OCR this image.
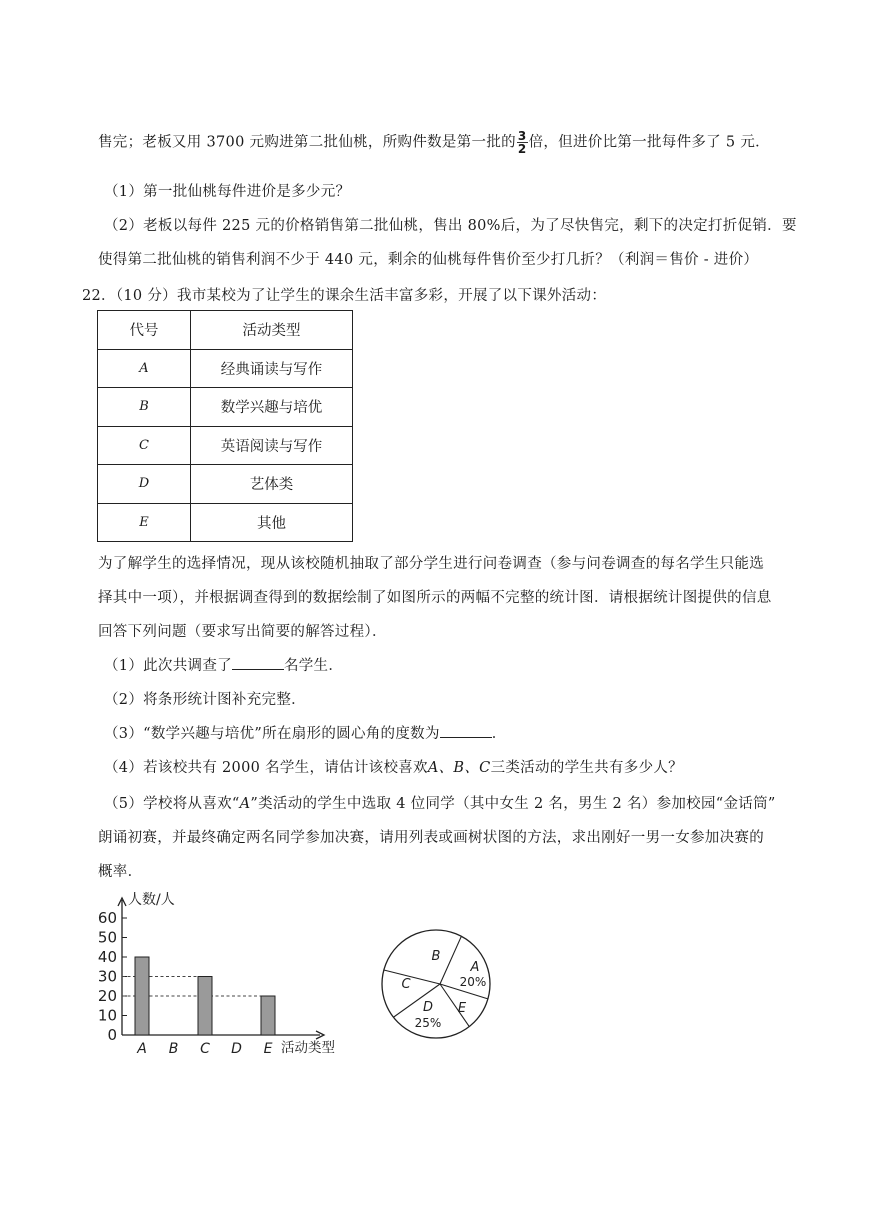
售完；老板又用 3700 元购进第二批仙桃，所购件数是第一批的 $\frac{3}{2}$ 倍，但进价比第一批每件多了 5 元．
（1）第一批仙桃每件进价是多少元？
（2）老板以每件 225 元的价格销售第二批仙桃，售出 80%后，为了尽快售完，剩下的决定打折促销．要
使得第二批仙桃的销售利润不少于 440 元，剩余的仙桃每件售价至少打几折？（利润＝售价 - 进价）
22．（10 分）我市某校为了让学生的课余生活丰富多彩，开展了以下课外活动：
代号	活动类型
A	经典诵读与写作
B	数学兴趣与培优
C	英语阅读与写作
D	艺体类
E	其他
为了解学生的选择情况，现从该校随机抽取了部分学生进行问卷调查（参与问卷调查的每名学生只能选
择其中一项），并根据调查得到的数据绘制了如图所示的两幅不完整的统计图．请根据统计图提供的信息
回答下列问题（要求写出简要的解答过程）．
（1）此次共调查了	名学生．
（2）将条形统计图补充完整．
（3）“数学兴趣与培优”所在扇形的圆心角的度数为	．
（4）若该校共有 2000 名学生，请估计该校喜欢A、B、C三类活动的学生共有多少人？
（5）学校将从喜欢“A”类活动的学生中选取 4 位同学（其中女生 2 名，男生 2 名）参加校园“金话筒”
朗诵初赛，并最终确定两名同学参加决赛，请用列表或画树状图的方法，求出刚好一男一女参加决赛的
概率．
0
10
20
30
40
50
60
人数/人
活动类型
A B C D E
A
B
C
D E
20%
25%
